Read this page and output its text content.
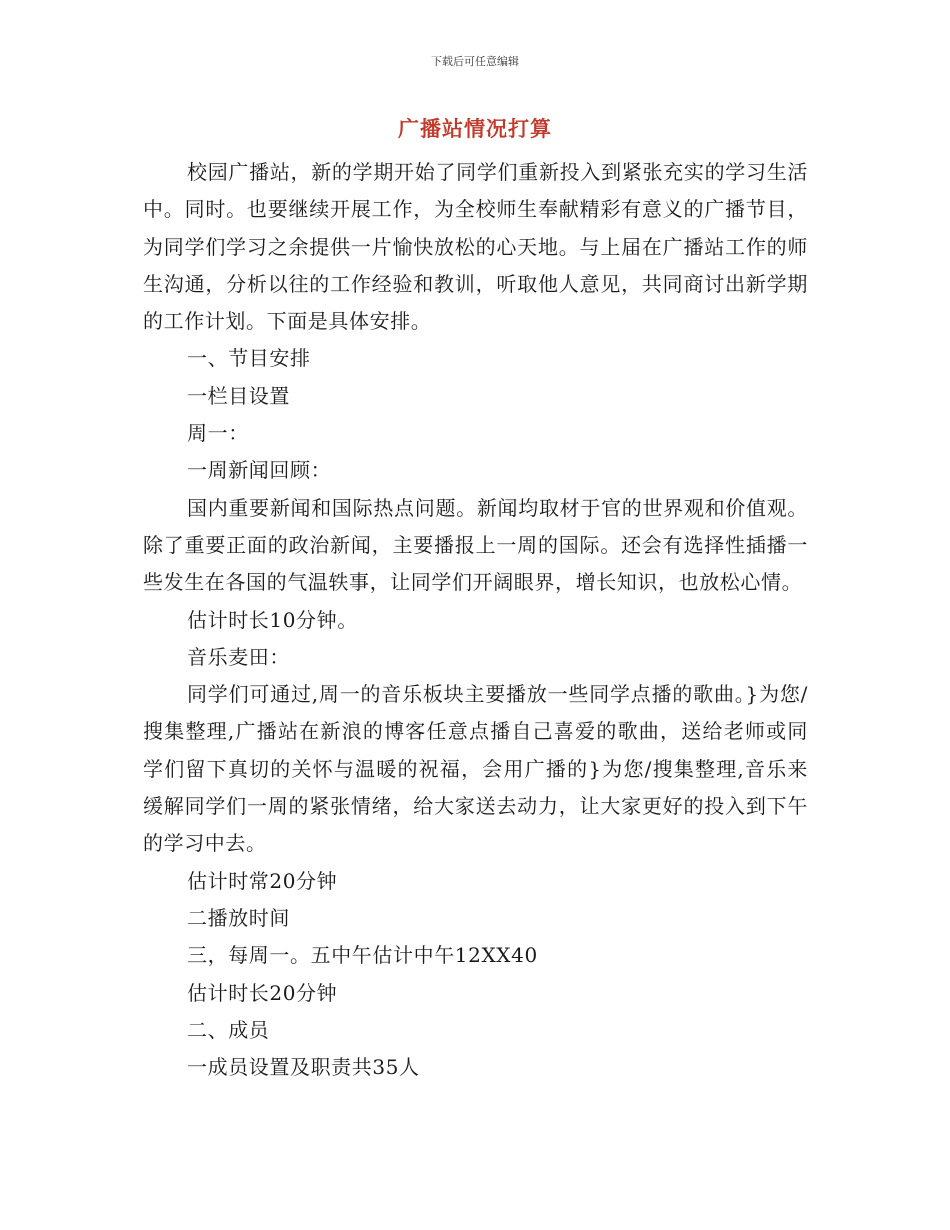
下载后可任意编辑
广播站情况打算

校园广播站，新的学期开始了同学们重新投入到紧张充实的学习生活中。同时。也要继续开展工作，为全校师生奉献精彩有意义的广播节目，为同学们学习之余提供一片愉快放松的心天地。与上届在广播站工作的师生沟通，分析以往的工作经验和教训，听取他人意见，共同商讨出新学期的工作计划。下面是具体安排。

一、节目安排

一栏目设置

周一：

一周新闻回顾：

国内重要新闻和国际热点问题。新闻均取材于官的世界观和价值观。除了重要正面的政治新闻，主要播报上一周的国际。还会有选择性插播一些发生在各国的气温轶事，让同学们开阔眼界，增长知识，也放松心情。

估计时长10分钟。

音乐麦田：

同学们可通过,周一的音乐板块主要播放一些同学点播的歌曲。}为您/搜集整理,广播站在新浪的博客任意点播自己喜爱的歌曲，送给老师或同学们留下真切的关怀与温暖的祝福，会用广播的}为您/搜集整理,音乐来缓解同学们一周的紧张情绪，给大家送去动力，让大家更好的投入到下午的学习中去。

估计时常20分钟

二播放时间

三，每周一。五中午估计中午12XX40

估计时长20分钟

二、成员

一成员设置及职责共35人
